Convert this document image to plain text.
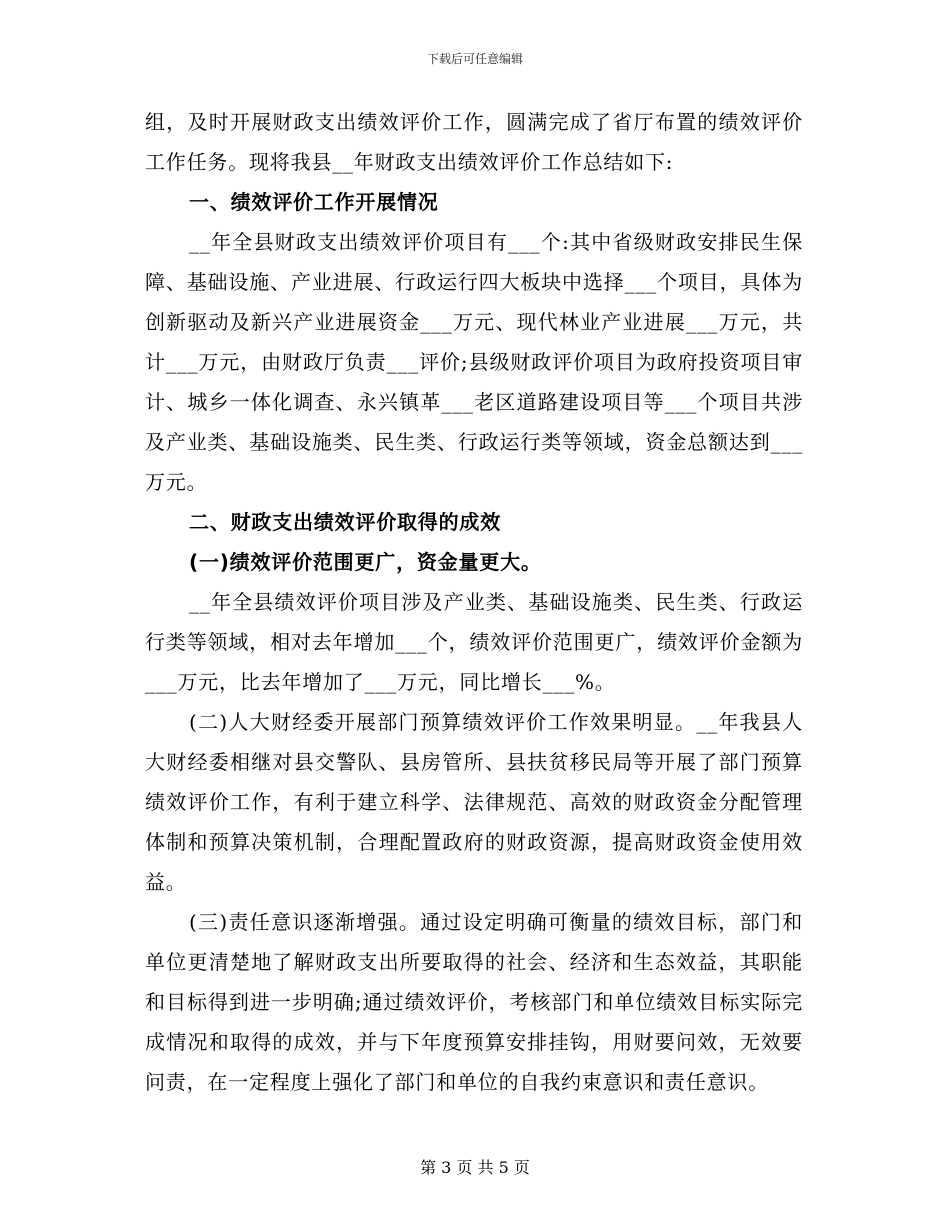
下载后可任意编辑

组，及时开展财政支出绩效评价工作，圆满完成了省厅布置的绩效评价工作任务。现将我县__年财政支出绩效评价工作总结如下:

一、绩效评价工作开展情况

__年全县财政支出绩效评价项目有___个:其中省级财政安排民生保障、基础设施、产业进展、行政运行四大板块中选择___个项目，具体为创新驱动及新兴产业进展资金___万元、现代林业产业进展___万元，共计___万元，由财政厅负责___评价;县级财政评价项目为政府投资项目审计、城乡一体化调查、永兴镇革___老区道路建设项目等___个项目共涉及产业类、基础设施类、民生类、行政运行类等领域，资金总额达到___万元。

二、财政支出绩效评价取得的成效

(一)绩效评价范围更广，资金量更大。

__年全县绩效评价项目涉及产业类、基础设施类、民生类、行政运行类等领域，相对去年增加___个，绩效评价范围更广，绩效评价金额为___万元，比去年增加了___万元，同比增长___%。

(二)人大财经委开展部门预算绩效评价工作效果明显。__年我县人大财经委相继对县交警队、县房管所、县扶贫移民局等开展了部门预算绩效评价工作，有利于建立科学、法律规范、高效的财政资金分配管理体制和预算决策机制，合理配置政府的财政资源，提高财政资金使用效益。

(三)责任意识逐渐增强。通过设定明确可衡量的绩效目标，部门和单位更清楚地了解财政支出所要取得的社会、经济和生态效益，其职能和目标得到进一步明确;通过绩效评价，考核部门和单位绩效目标实际完成情况和取得的成效，并与下年度预算安排挂钩，用财要问效，无效要问责，在一定程度上强化了部门和单位的自我约束意识和责任意识。

第 3 页 共 5 页
